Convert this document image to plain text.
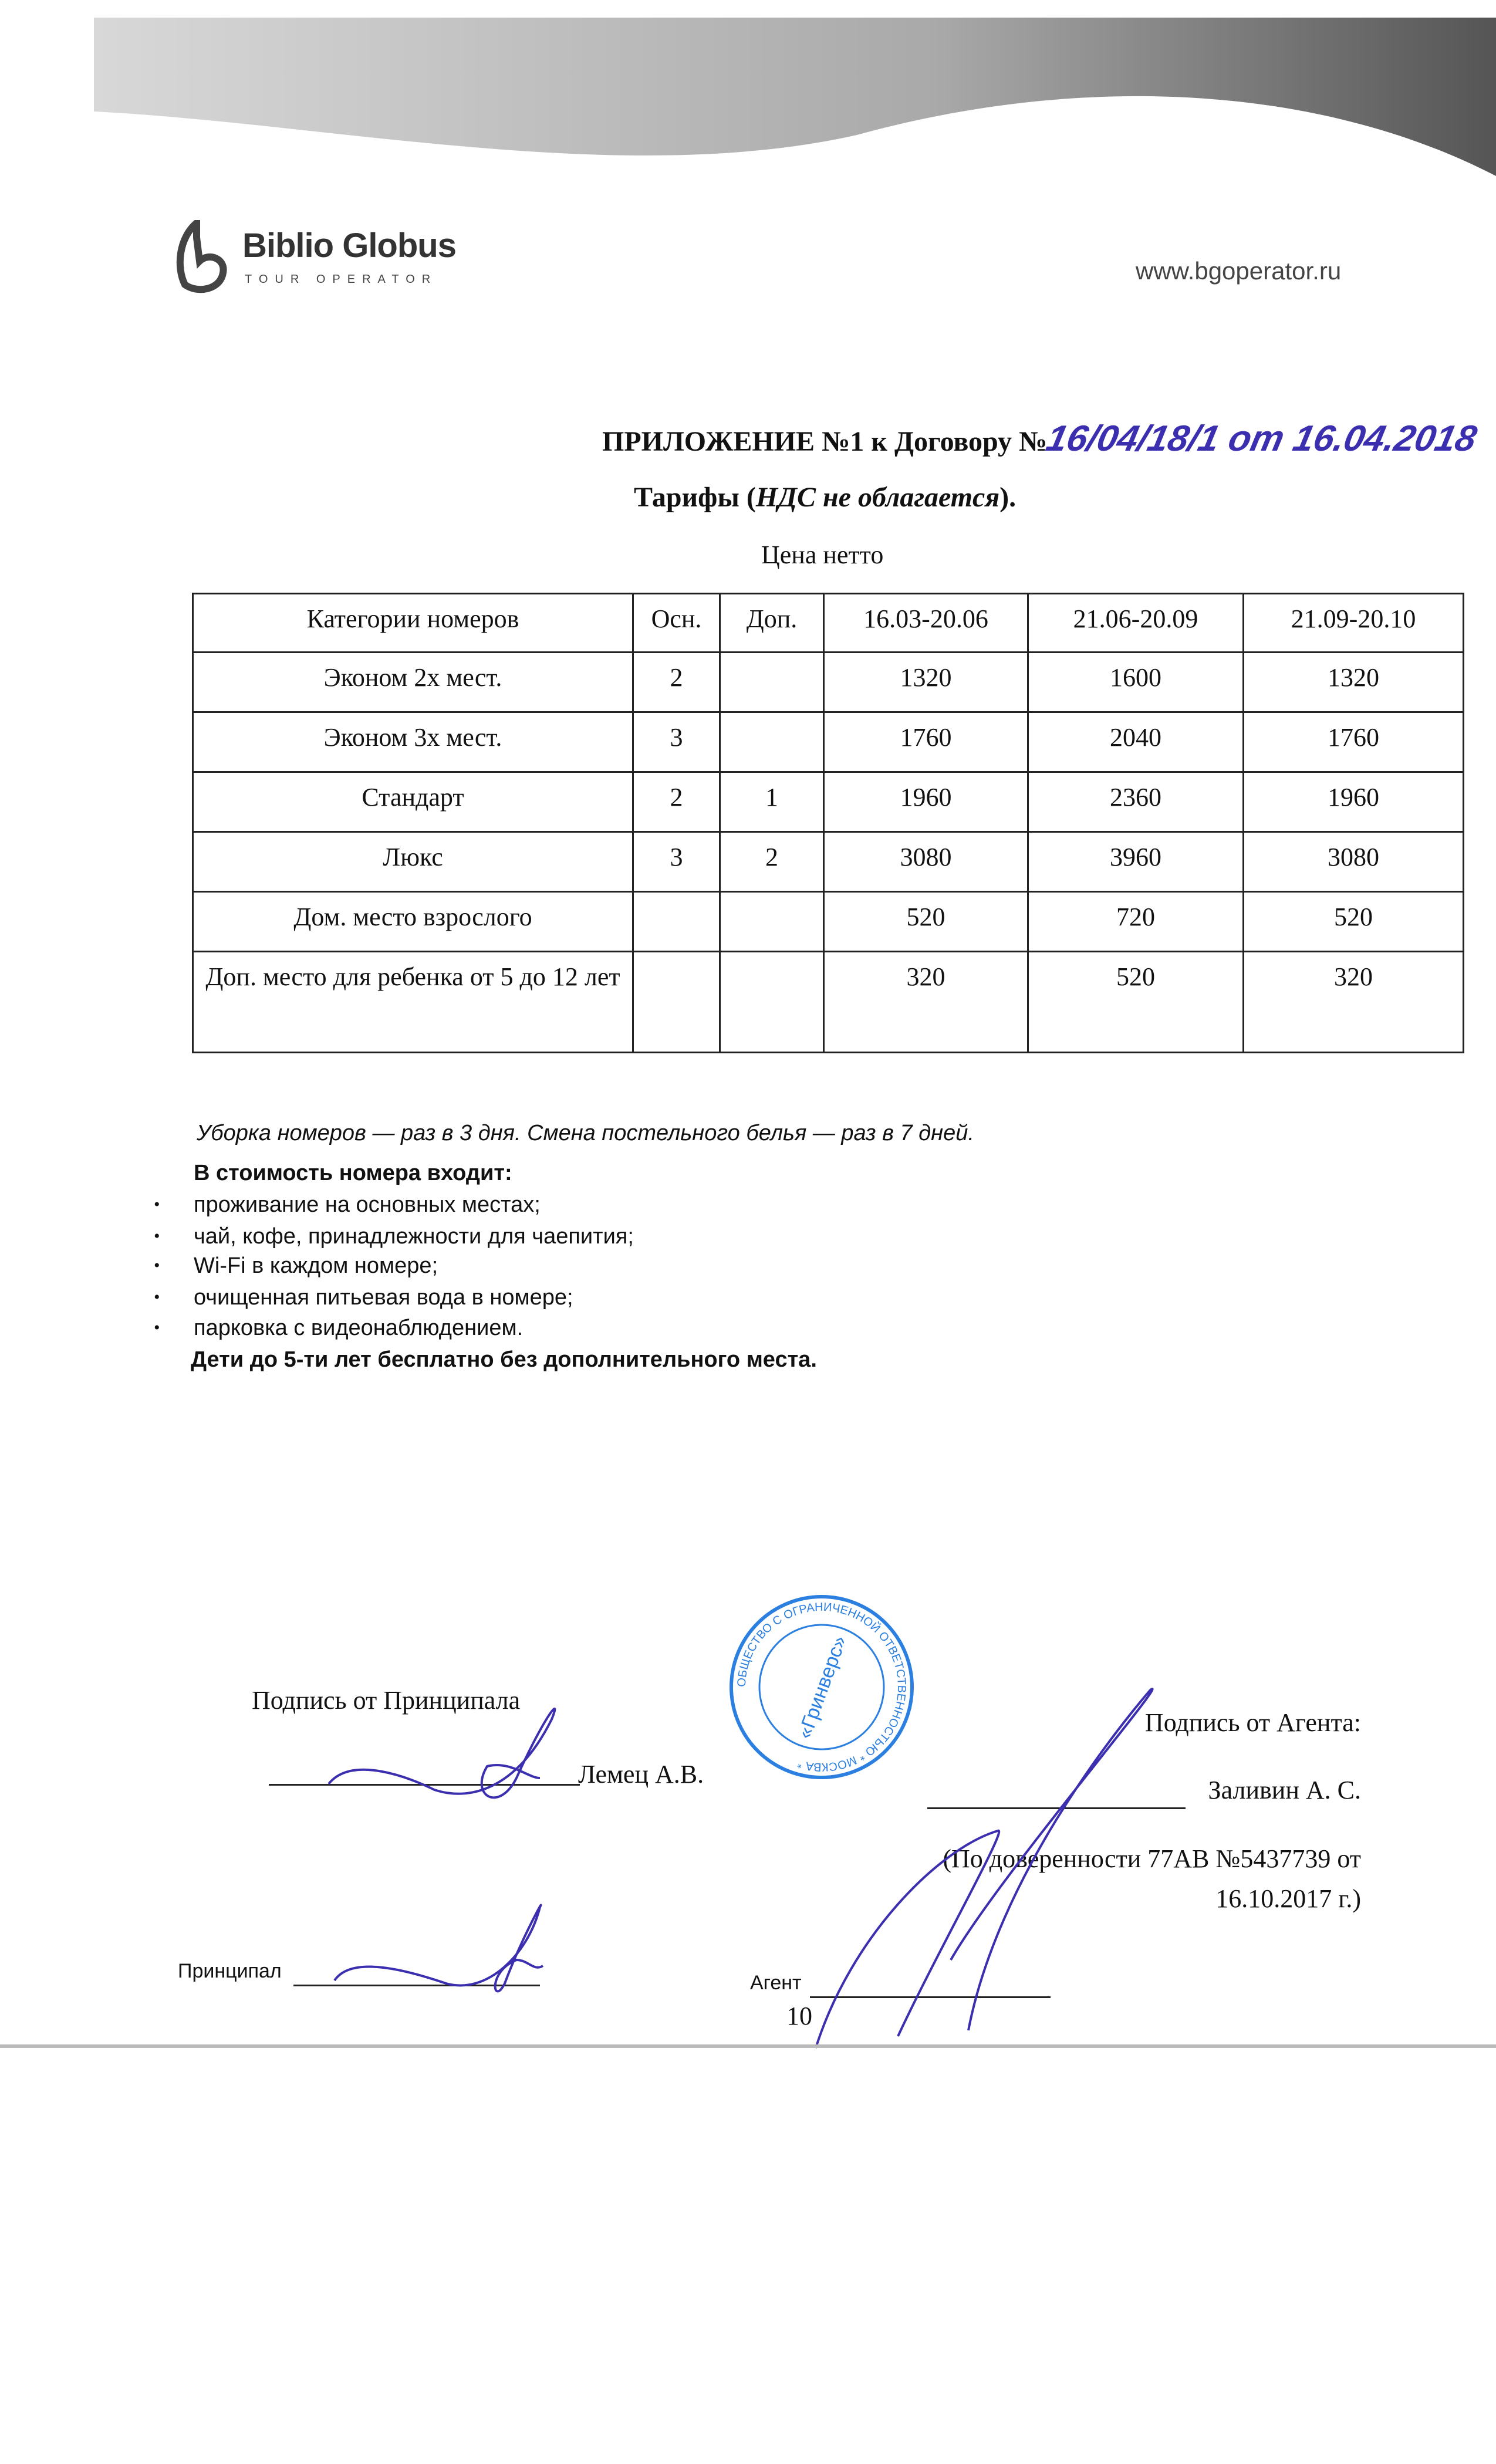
Biblio Globus
TOUR OPERATOR	www.bgoperator.ru
ПРИЛОЖЕНИЕ №1 к Договору №16/04/18/1 от 16.04.2018
Тарифы (НДС не облагается).
Цена нетто
Категории номеров	Осн.	Доп.	16.03-20.06	21.06-20.09	21.09-20.10
Эконом 2х мест.	2		1320	1600	1320
Эконом 3х мест.	3		1760	2040	1760
Стандарт	2	1	1960	2360	1960
Люкс	3	2	3080	3960	3080
Дом. место взрослого			520	720	520
Доп. место для ребенка от 5 до 12 лет			320	520	320
Уборка номеров — раз в 3 дня. Смена постельного белья — раз в 7 дней.
В стоимость номера входит:
• проживание на основных местах;
• чай, кофе, принадлежности для чаепития;
• Wi-Fi в каждом номере;
• очищенная питьевая вода в номере;
• парковка с видеонаблюдением.
Дети до 5-ти лет бесплатно без дополнительного места.
ОБЩЕСТВО С ОГРАНИЧЕННОЙ ОТВЕТСТВЕННОСТЬЮ * МОСКВА *
«Гринверс»
Подпись от Принципала
Лемец А.В.
Подпись от Агента:
Заливин А. С.
(По доверенности 77АВ №5437739 от
16.10.2017 г.)
Принципал
Агент
10
